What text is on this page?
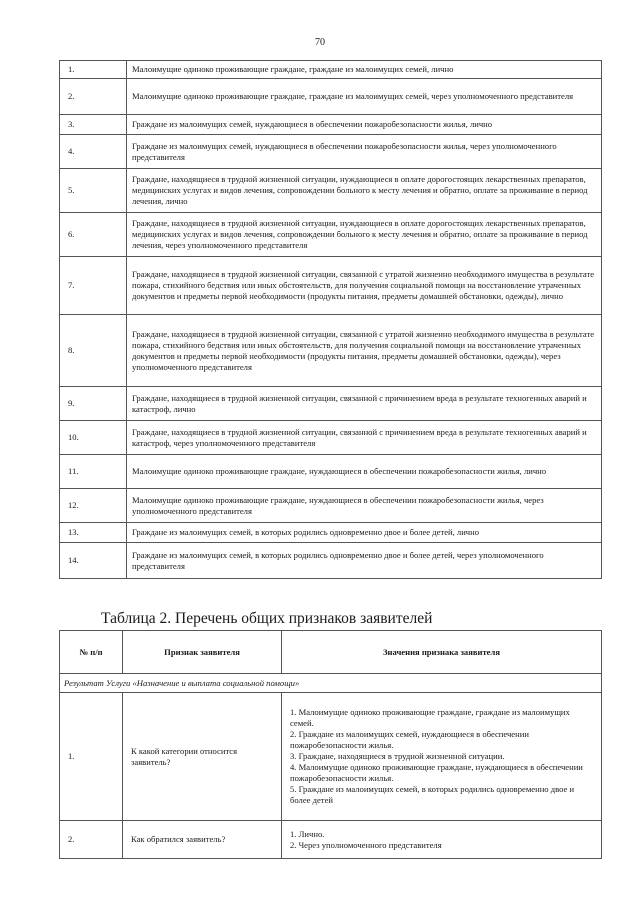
70
1.	Малоимущие одиноко проживающие граждане, граждане из малоимущих семей, лично
2.	Малоимущие одиноко проживающие граждане, граждане из малоимущих семей, через уполномоченного представителя
3.	Граждане из малоимущих семей, нуждающиеся в обеспечении пожаробезопасности жилья, лично
4.	Граждане из малоимущих семей, нуждающиеся в обеспечении пожаробезопасности жилья, через уполномоченного представителя
5.	Граждане, находящиеся в трудной жизненной ситуации, нуждающиеся в оплате дорогостоящих лекарственных препаратов, медицинских услугах и видов лечения, сопровождении больного к месту лечения и обратно, оплате за проживание в период лечения, лично
6.	Граждане, находящиеся в трудной жизненной ситуации, нуждающиеся в оплате дорогостоящих лекарственных препаратов, медицинских услугах и видов лечения, сопровождении больного к месту лечения и обратно, оплате за проживание в период лечения, через уполномоченного представителя
7.	Граждане, находящиеся в трудной жизненной ситуации, связанной с утратой жизненно необходимого имущества в результате пожара, стихийного бедствия или иных обстоятельств, для получения социальной помощи на восстановление утраченных документов и предметы первой необходимости (продукты питания, предметы домашней обстановки, одежды), лично
8.	Граждане, находящиеся в трудной жизненной ситуации, связанной с утратой жизненно необходимого имущества в результате пожара, стихийного бедствия или иных обстоятельств, для получения социальной помощи на восстановление утраченных документов и предметы первой необходимости (продукты питания, предметы домашней обстановки, одежды), через уполномоченного представителя
9.	Граждане, находящиеся в трудной жизненной ситуации, связанной с причинением вреда в результате техногенных аварий и катастроф, лично
10.	Граждане, находящиеся в трудной жизненной ситуации, связанной с причинением вреда в результате техногенных аварий и катастроф, через уполномоченного представителя
11.	Малоимущие одиноко проживающие граждане, нуждающиеся в обеспечении пожаробезопасности жилья, лично
12.	Малоимущие одиноко проживающие граждане, нуждающиеся в обеспечении пожаробезопасности жилья, через уполномоченного представителя
13.	Граждане из малоимущих семей, в которых родились одновременно двое и более детей, лично
14.	Граждане из малоимущих семей, в которых родились одновременно двое и более детей, через уполномоченного представителя
Таблица 2. Перечень общих признаков заявителей
№ п/п	Признак заявителя	Значения признака заявителя
Результат Услуги «Назначение и выплата социальной помощи»		
1.	К какой категории относится заявитель?	1. Малоимущие одиноко проживающие граждане, граждане из малоимущих семей.
2. Граждане из малоимущих семей, нуждающиеся в обеспечении пожаробезопасности жилья.
3. Граждане, находящиеся в трудной жизненной ситуации.
4. Малоимущие одиноко проживающие граждане, нуждающиеся в обеспечении пожаробезопасности жилья.
5. Граждане из малоимущих семей, в которых родились одновременно двое и более детей

2.	Как обратился заявитель?	1. Лично.
2. Через уполномоченного представителя
